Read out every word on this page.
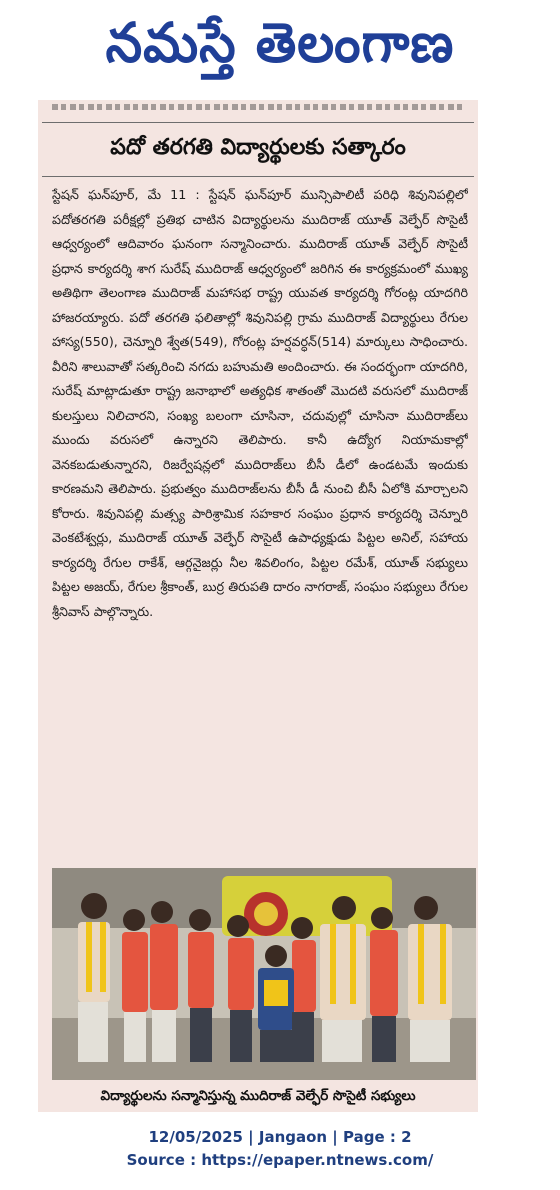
నమస్తే తెలంగాణ
పదో తరగతి విద్యార్థులకు సత్కారం
స్టేషన్ ఘన్‌పూర్, మే 11 : స్టేషన్ ఘన్‌పూర్ మున్సిపాలిటీ పరిధి శివునిపల్లిలో పదోతరగతి పరీక్షల్లో ప్రతిభ చాటిన విద్యార్థులను ముదిరాజ్ యూత్ వెల్ఫేర్ సొసైటీ ఆధ్వర్యంలో ఆదివారం ఘనంగా సన్మానించారు. ముదిరాజ్ యూత్ వెల్ఫేర్ సొసైటీ ప్రధాన కార్యదర్శి శాగ సురేష్ ముదిరాజ్ ఆధ్వర్యంలో జరిగిన ఈ కార్యక్రమంలో ముఖ్య అతిథిగా తెలంగాణ ముదిరాజ్ మహాసభ రాష్ట్ర యువత కార్యదర్శి గోరంట్ల యాదగిరి హాజరయ్యారు. పదో తరగతి ఫలితాల్లో శివునిపల్లి గ్రామ ముదిరాజ్ విద్యార్థులు రేగుల హాస్య(550), చెన్నూరి శ్వేత(549), గోరంట్ల హర్షవర్ధన్(514) మార్కులు సాధించారు. వీరిని శాలువాతో సత్కరించి నగదు బహుమతి అందించారు. ఈ సందర్భంగా యాదగిరి, సురేష్ మాట్లాడుతూ రాష్ట్ర జనాభాలో అత్యధిక శాతంతో మొదటి వరుసలో ముదిరాజ్ కులస్తులు నిలిచారని, సంఖ్య బలంగా చూసినా, చదువుల్లో చూసినా ముదిరాజ్‌లు ముందు వరుసలో ఉన్నారని తెలిపారు. కానీ ఉద్యోగ నియామకాల్లో వెనకబడుతున్నారని, రిజర్వేషన్లలో ముదిరాజ్‌లు బీసీ డీలో ఉండటమే ఇందుకు కారణమని తెలిపారు. ప్రభుత్వం ముదిరాజ్‌లను బీసీ డీ నుంచి బీసీ ఏలోకి మార్చాలని కోరారు. శివునిపల్లి మత్స్య పారిశ్రామిక సహకార సంఘం ప్రధాన కార్యదర్శి చెన్నూరి వెంకటేశ్వర్లు, ముదిరాజ్ యూత్ వెల్ఫేర్ సొసైటీ ఉపాధ్యక్షుడు పిట్టల అనిల్, సహాయ కార్యదర్శి రేగుల రాకేశ్, ఆర్గనైజర్లు నీల శివలింగం, పిట్టల రమేశ్, యూత్ సభ్యులు పిట్టల అజయ్, రేగుల శ్రీకాంత్, బుర్ర తిరుపతి దారం నాగరాజ్, సంఘం సభ్యులు రేగుల శ్రీనివాస్ పాల్గొన్నారు.
విద్యార్థులను సన్మానిస్తున్న ముదిరాజ్ వెల్ఫేర్ సొసైటీ సభ్యులు
12/05/2025 | Jangaon | Page : 2
Source : https://epaper.ntnews.com/
